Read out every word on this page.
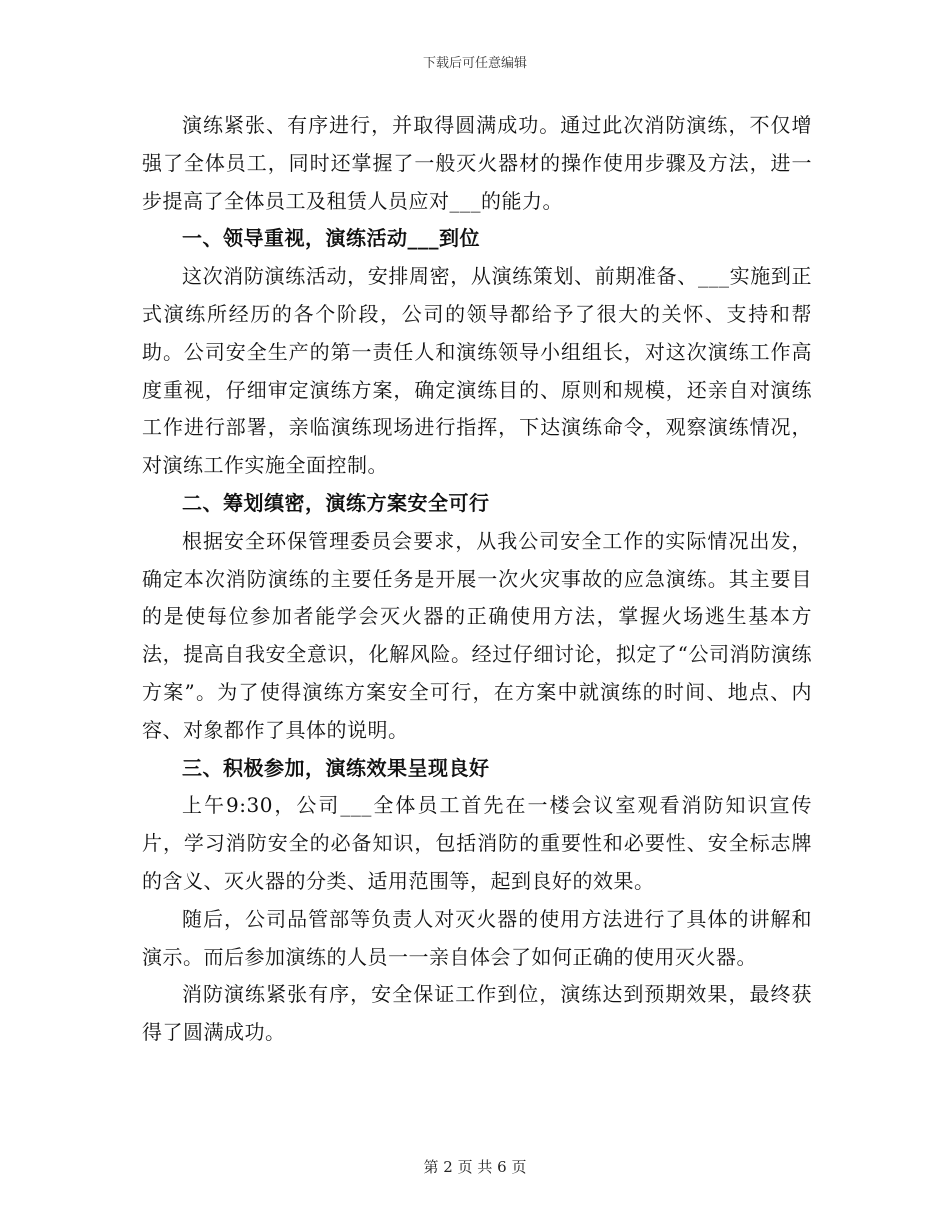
下载后可任意编辑

演练紧张、有序进行，并取得圆满成功。通过此次消防演练，不仅增强了全体员工，同时还掌握了一般灭火器材的操作使用步骤及方法，进一步提高了全体员工及租赁人员应对___的能力。

一、领导重视，演练活动___到位

这次消防演练活动，安排周密，从演练策划、前期准备、___实施到正式演练所经历的各个阶段，公司的领导都给予了很大的关怀、支持和帮助。公司安全生产的第一责任人和演练领导小组组长，对这次演练工作高度重视，仔细审定演练方案，确定演练目的、原则和规模，还亲自对演练工作进行部署，亲临演练现场进行指挥，下达演练命令，观察演练情况，对演练工作实施全面控制。

二、筹划缜密，演练方案安全可行

根据安全环保管理委员会要求，从我公司安全工作的实际情况出发，确定本次消防演练的主要任务是开展一次火灾事故的应急演练。其主要目的是使每位参加者能学会灭火器的正确使用方法，掌握火场逃生基本方法，提高自我安全意识，化解风险。经过仔细讨论，拟定了“公司消防演练方案”。为了使得演练方案安全可行，在方案中就演练的时间、地点、内容、对象都作了具体的说明。

三、积极参加，演练效果呈现良好

上午9:30，公司___全体员工首先在一楼会议室观看消防知识宣传片，学习消防安全的必备知识，包括消防的重要性和必要性、安全标志牌的含义、灭火器的分类、适用范围等，起到良好的效果。

随后，公司品管部等负责人对灭火器的使用方法进行了具体的讲解和演示。而后参加演练的人员一一亲自体会了如何正确的使用灭火器。

消防演练紧张有序，安全保证工作到位，演练达到预期效果，最终获得了圆满成功。

第 2 页 共 6 页
